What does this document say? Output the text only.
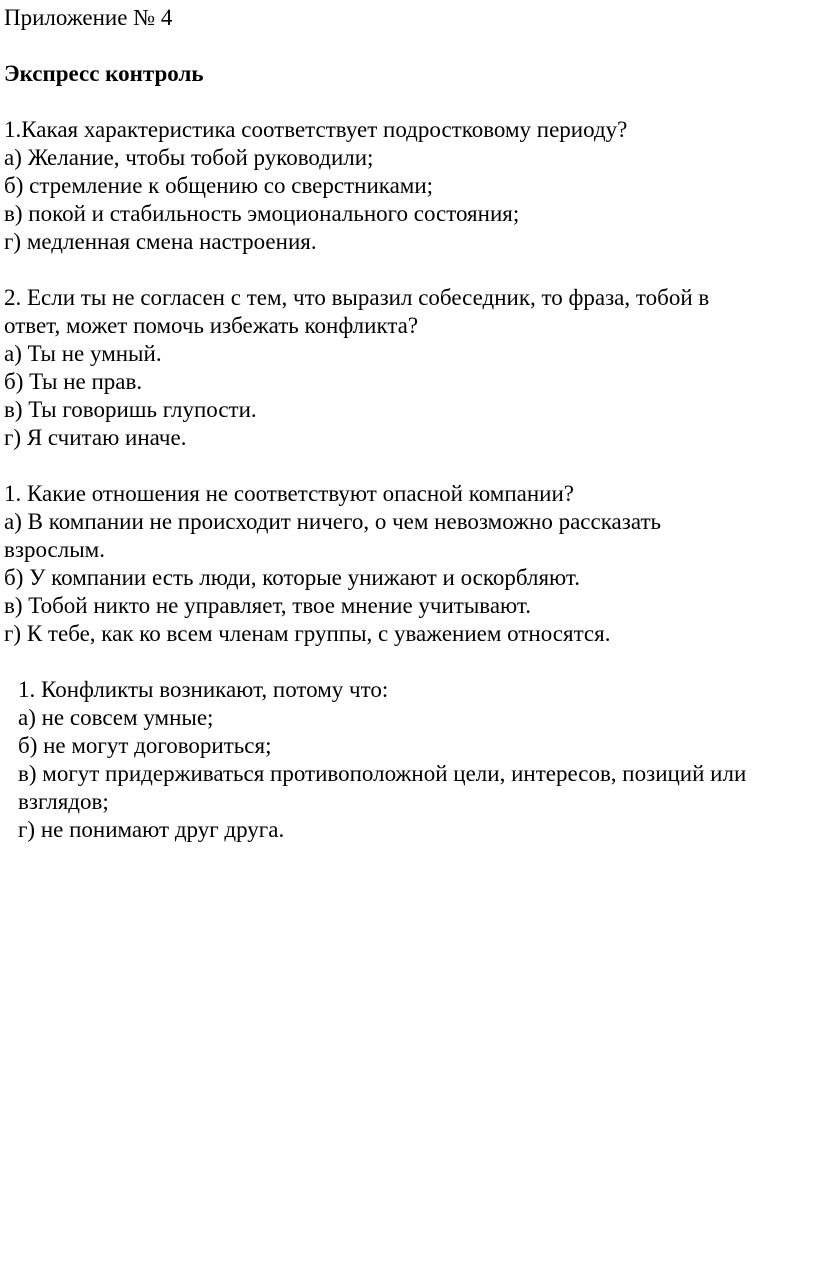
Приложение № 4
Экспресс контроль
1.Какая характеристика соответствует подростковому периоду?
а) Желание, чтобы тобой руководили;
б) стремление к общению со сверстниками;
в) покой и стабильность эмоционального состояния;
г) медленная смена настроения.
2. Если ты не согласен с тем, что выразил собеседник, то фраза, тобой в
ответ, может помочь избежать конфликта?
а) Ты не умный.
б) Ты не прав.
в) Ты говоришь глупости.
г) Я считаю иначе.
1. Какие отношения не соответствуют опасной компании?
а) В компании не происходит ничего, о чем невозможно рассказать
взрослым.
б) У компании есть люди, которые унижают и оскорбляют.
в) Тобой никто не управляет, твое мнение учитывают.
г) К тебе, как ко всем членам группы, с уважением относятся.
1. Конфликты возникают, потому что:
а) не совсем умные;
б) не могут договориться;
в) могут придерживаться противоположной цели, интересов, позиций или
взглядов;
г) не понимают друг друга.
